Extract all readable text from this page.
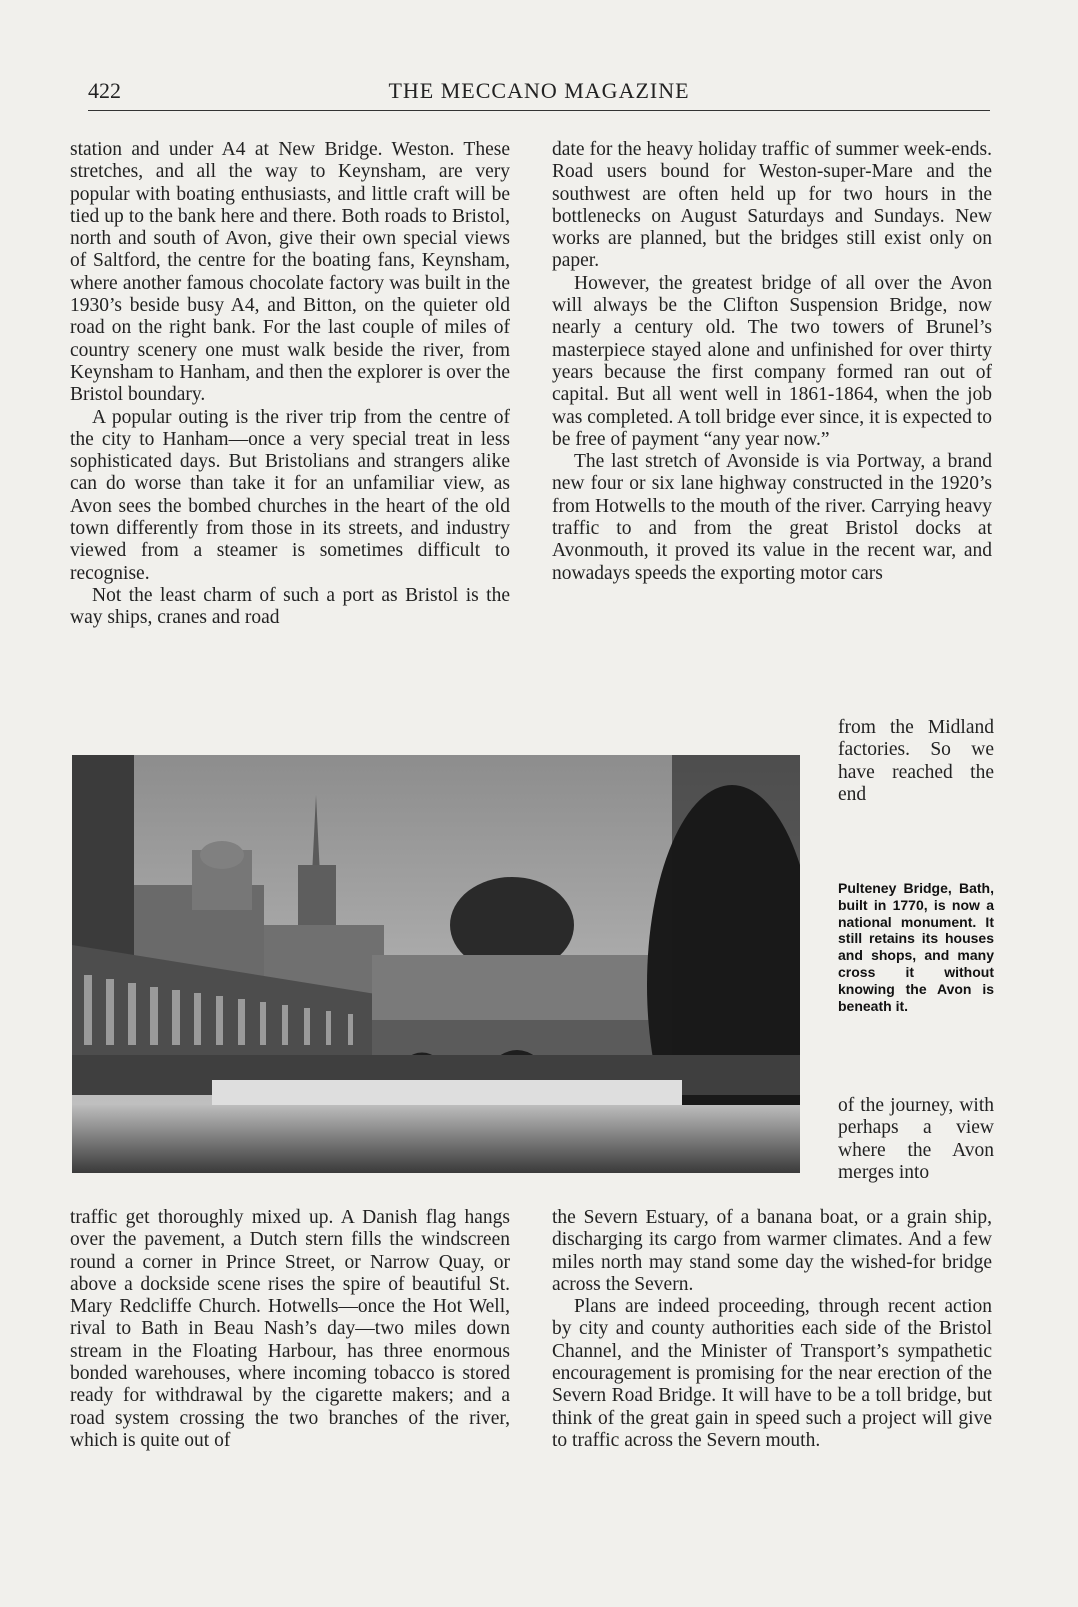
422	THE MECCANO MAGAZINE

station and under A4 at New Bridge. Weston. These stretches, and all the way to Keynsham, are very popular with boating enthusiasts, and little craft will be tied up to the bank here and there. Both roads to Bristol, north and south of Avon, give their own special views of Saltford, the centre for the boating fans, Keynsham, where another famous chocolate factory was built in the 1930’s beside busy A4, and Bitton, on the quieter old road on the right bank. For the last couple of miles of country scenery one must walk beside the river, from Keynsham to Hanham, and then the explorer is over the Bristol boundary.

A popular outing is the river trip from the centre of the city to Hanham—once a very special treat in less sophisticated days. But Bristolians and strangers alike can do worse than take it for an unfamiliar view, as Avon sees the bombed churches in the heart of the old town differently from those in its streets, and industry viewed from a steamer is sometimes difficult to recognise.

Not the least charm of such a port as Bristol is the way ships, cranes and road

date for the heavy holiday traffic of summer week-ends. Road users bound for Weston-super-Mare and the southwest are often held up for two hours in the bottlenecks on August Saturdays and Sundays. New works are planned, but the bridges still exist only on paper.

However, the greatest bridge of all over the Avon will always be the Clifton Suspension Bridge, now nearly a century old. The two towers of Brunel’s masterpiece stayed alone and unfinished for over thirty years because the first company formed ran out of capital. But all went well in 1861-1864, when the job was completed. A toll bridge ever since, it is expected to be free of payment “any year now.”

The last stretch of Avonside is via Portway, a brand new four or six lane highway constructed in the 1920’s from Hotwells to the mouth of the river. Carrying heavy traffic to and from the great Bristol docks at Avonmouth, it proved its value in the recent war, and nowadays speeds the exporting motor cars

from the Midland factories. So we have reached the end
Pulteney Bridge, Bath, built in 1770, is now a national monument. It still retains its houses and shops, and many cross it without knowing the Avon is beneath it.
of the journey, with perhaps a view where the Avon merges into

traffic get thoroughly mixed up. A Danish flag hangs over the pavement, a Dutch stern fills the windscreen round a corner in Prince Street, or Narrow Quay, or above a dockside scene rises the spire of beautiful St. Mary Redcliffe Church. Hotwells—once the Hot Well, rival to Bath in Beau Nash’s day—two miles down stream in the Floating Harbour, has three enormous bonded warehouses, where incoming tobacco is stored ready for withdrawal by the cigarette makers; and a road system crossing the two branches of the river, which is quite out of

the Severn Estuary, of a banana boat, or a grain ship, discharging its cargo from warmer climates. And a few miles north may stand some day the wished-for bridge across the Severn.

Plans are indeed proceeding, through recent action by city and county authorities each side of the Bristol Channel, and the Minister of Transport’s sympathetic encouragement is promising for the near erection of the Severn Road Bridge. It will have to be a toll bridge, but think of the great gain in speed such a project will give to traffic across the Severn mouth.
